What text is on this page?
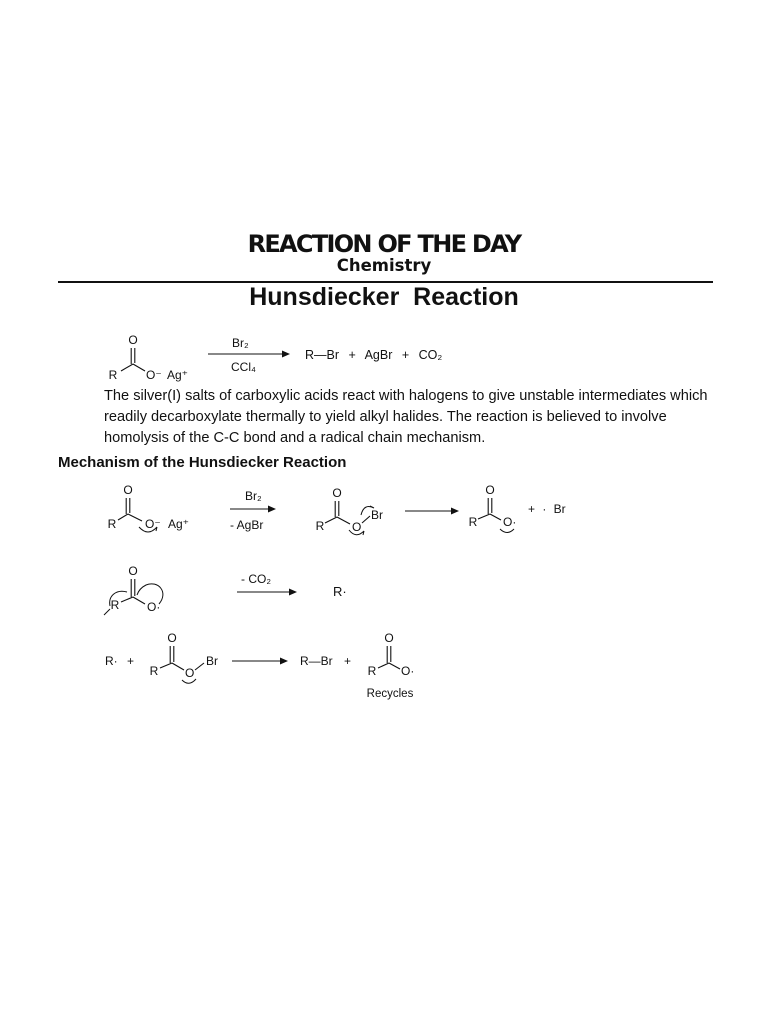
REACTION OF THE DAY
Chemistry
Hunsdiecker  Reaction
The silver(I) salts of carboxylic acids react with halogens to give unstable intermediates which
readily decarboxylate thermally to yield alkyl halides. The reaction is believed to involve
homolysis of the C-C bond and a radical chain mechanism.
Mechanism of the Hunsdiecker Reaction
O
R O⁻ Ag⁺
Br₂
CCl₄
R—Br + AgBr + CO₂
O
R O⁻ Ag⁺
Br₂
- AgBr
O
R O
Br
O
R O·
+ · Br
O
R O·
- CO₂
R·
R· +
O
R O
Br	R—Br +
O
R O·
Recycles
